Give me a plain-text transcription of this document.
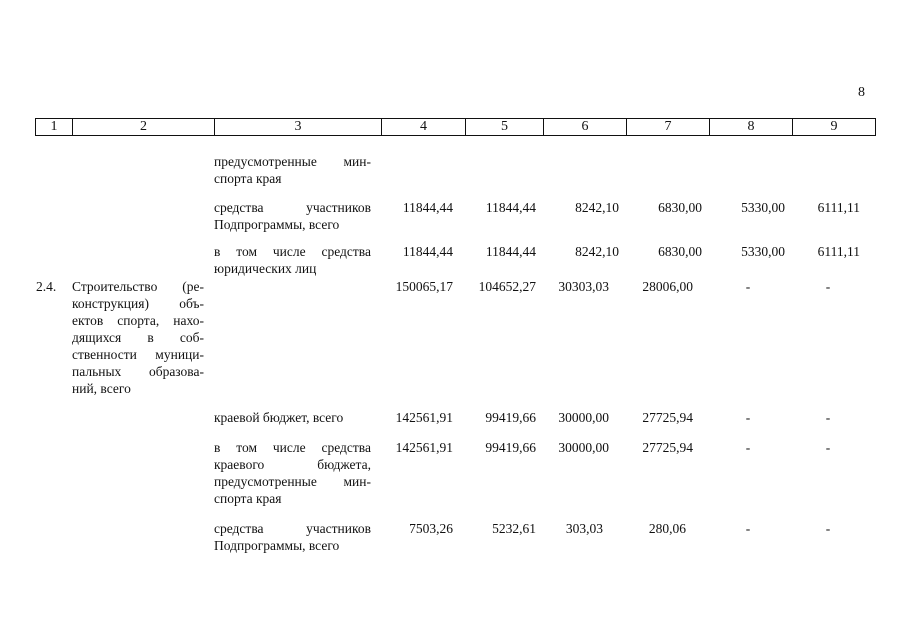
8
1	2	3	4	5	6	7	8	9
предусмотренные мин-
спорта края
средства участников
Подпрограммы, всего
11844,44	11844,44	8242,10	6830,00	5330,00	6111,11
в том числе средства
юридических лиц
11844,44	11844,44	8242,10	6830,00	5330,00	6111,11
2.4.	Строительство (ре-
конструкция) объ-
ектов спорта, нахо-
дящихся в соб-
ственности муници-
пальных образова-
ний, всего
150065,17	104652,27	30303,03	28006,00	-	-
краевой бюджет, всего	142561,91	99419,66	30000,00	27725,94	-	-
в том числе средства
краевого бюджета,
предусмотренные мин-
спорта края
142561,91	99419,66	30000,00	27725,94	-	-
средства участников
Подпрограммы, всего
7503,26	5232,61	303,03	280,06	-	-
